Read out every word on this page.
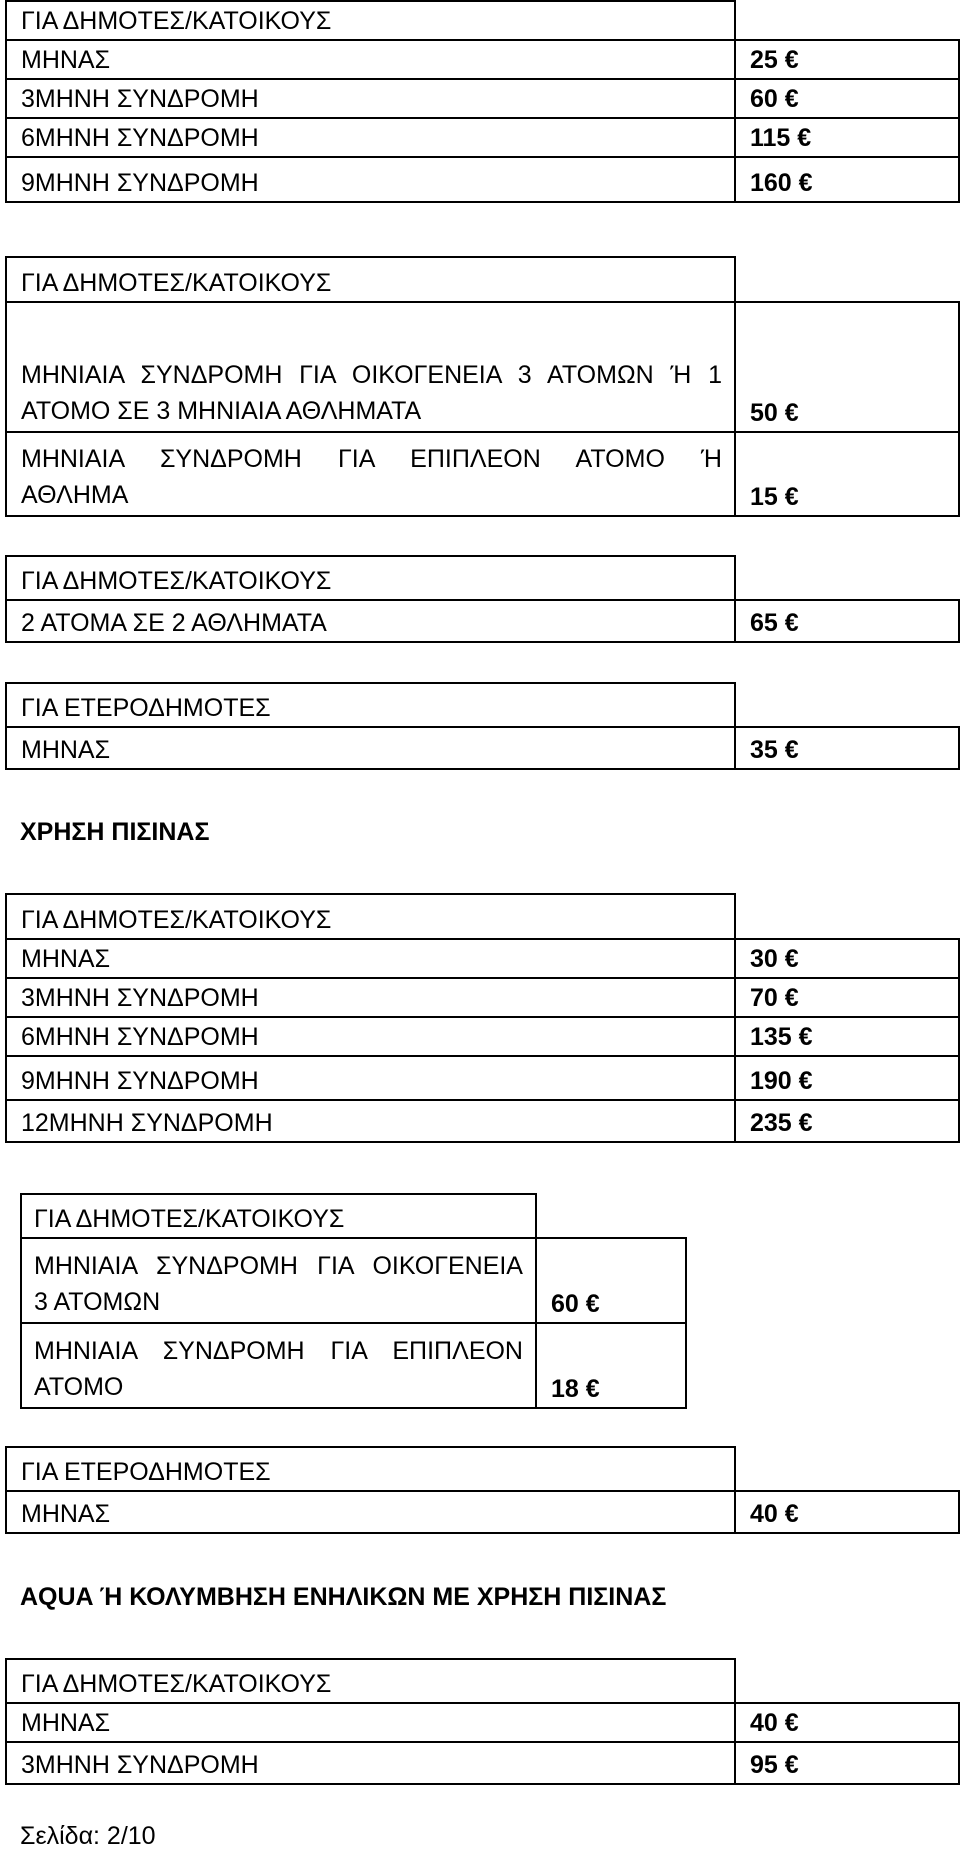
ΓΙΑ ΔΗΜΟΤΕΣ/ΚΑΤΟΙΚΟΥΣ	
ΜΗΝΑΣ	25 €
3ΜΗΝΗ ΣΥΝΔΡΟΜΗ	60 €
6ΜΗΝΗ ΣΥΝΔΡΟΜΗ	115 €
9ΜΗΝΗ ΣΥΝΔΡΟΜΗ	160 €
ΓΙΑ ΔΗΜΟΤΕΣ/ΚΑΤΟΙΚΟΥΣ	

ΜΗΝΙΑΙΑ ΣΥΝΔΡΟΜΗ ΓΙΑ ΟΙΚΟΓΕΝΕΙΑ 3 ΑΤΟΜΩΝ Ή 1
ΑΤΟΜΟ ΣΕ 3 ΜΗΝΙΑΙΑ ΑΘΛΗΜΑΤΑ	50 €

ΜΗΝΙΑΙΑ ΣΥΝΔΡΟΜΗ ΓΙΑ ΕΠΙΠΛΕΟΝ ΑΤΟΜΟ Ή
ΑΘΛΗΜΑ	15 €
ΓΙΑ ΔΗΜΟΤΕΣ/ΚΑΤΟΙΚΟΥΣ	
2 ΑΤΟΜΑ ΣΕ 2 ΑΘΛΗΜΑΤΑ	65 €
ΓΙΑ ΕΤΕΡΟΔΗΜΟΤΕΣ	
ΜΗΝΑΣ	35 €
ΧΡΗΣΗ ΠΙΣΙΝΑΣ
ΓΙΑ ΔΗΜΟΤΕΣ/ΚΑΤΟΙΚΟΥΣ	
ΜΗΝΑΣ	30 €
3ΜΗΝΗ ΣΥΝΔΡΟΜΗ	70 €
6ΜΗΝΗ ΣΥΝΔΡΟΜΗ	135 €
9ΜΗΝΗ ΣΥΝΔΡΟΜΗ	190 €
12ΜΗΝΗ ΣΥΝΔΡΟΜΗ	235 €
ΓΙΑ ΔΗΜΟΤΕΣ/ΚΑΤΟΙΚΟΥΣ	

ΜΗΝΙΑΙΑ ΣΥΝΔΡΟΜΗ ΓΙΑ ΟΙΚΟΓΕΝΕΙΑ
3 ΑΤΟΜΩΝ	60 €

ΜΗΝΙΑΙΑ ΣΥΝΔΡΟΜΗ ΓΙΑ ΕΠΙΠΛΕΟΝ
ΑΤΟΜΟ	18 €
ΓΙΑ ΕΤΕΡΟΔΗΜΟΤΕΣ	
ΜΗΝΑΣ	40 €
AQUA Ή ΚΟΛΥΜΒΗΣΗ ΕΝΗΛΙΚΩΝ ΜΕ ΧΡΗΣΗ ΠΙΣΙΝΑΣ
ΓΙΑ ΔΗΜΟΤΕΣ/ΚΑΤΟΙΚΟΥΣ	
ΜΗΝΑΣ	40 €
3ΜΗΝΗ ΣΥΝΔΡΟΜΗ	95 €
Σελίδα: 2/10
